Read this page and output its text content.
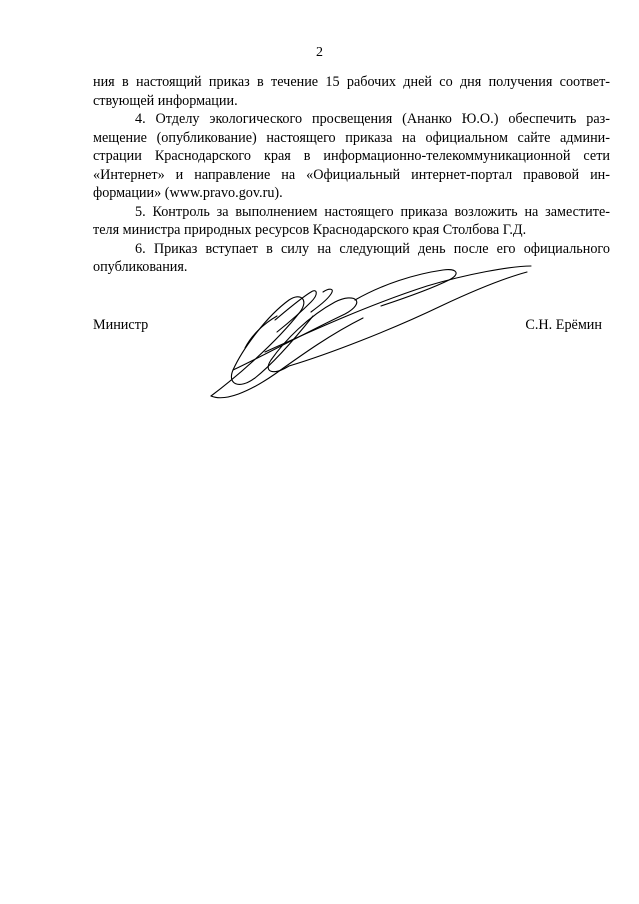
2
ния в настоящий приказ в течение 15 рабочих дней со дня получения соответ-
ствующей информации.
4. Отделу экологического просвещения (Ананко Ю.О.) обеспечить раз-
мещение (опубликование) настоящего приказа на официальном сайте админи-
страции Краснодарского края в информационно-телекоммуникационной сети
«Интернет» и направление на «Официальный интернет-портал правовой ин-
формации» (www.pravo.gov.ru).
5. Контроль за выполнением настоящего приказа возложить на заместите-
теля министра природных ресурсов Краснодарского края Столбова Г.Д.
6. Приказ вступает в силу на следующий день после его официального
опубликования.
Министр	С.Н. Ерёмин
